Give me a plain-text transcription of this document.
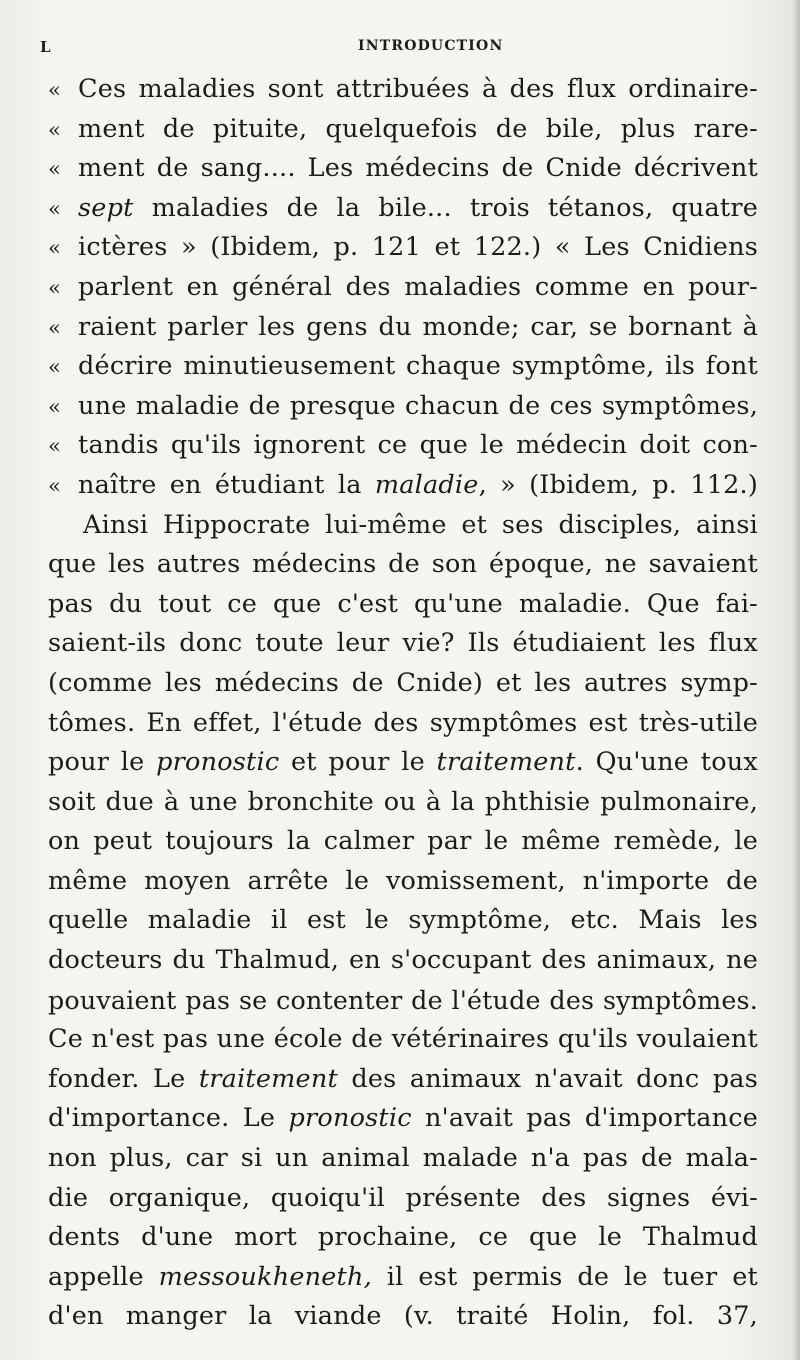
L	INTRODUCTION
« Ces maladies sont attribuées à des flux ordinaire-
« ment de pituite, quelquefois de bile, plus rare-
« ment de sang.... Les médecins de Cnide décrivent
« sept maladies de la bile... trois tétanos, quatre
« ictères » (Ibidem, p. 121 et 122.) « Les Cnidiens
« parlent en général des maladies comme en pour-
« raient parler les gens du monde; car, se bornant à
« décrire minutieusement chaque symptôme, ils font
« une maladie de presque chacun de ces symptômes,
« tandis qu'ils ignorent ce que le médecin doit con-
« naître en étudiant la maladie, » (Ibidem, p. 112.)
Ainsi Hippocrate lui-même et ses disciples, ainsi
que les autres médecins de son époque, ne savaient
pas du tout ce que c'est qu'une maladie. Que fai-
saient-ils donc toute leur vie? Ils étudiaient les flux
(comme les médecins de Cnide) et les autres symp-
tômes. En effet, l'étude des symptômes est très-utile
pour le pronostic et pour le traitement. Qu'une toux
soit due à une bronchite ou à la phthisie pulmonaire,
on peut toujours la calmer par le même remède, le
même moyen arrête le vomissement, n'importe de
quelle maladie il est le symptôme, etc. Mais les
docteurs du Thalmud, en s'occupant des animaux, ne
pouvaient pas se contenter de l'étude des symptômes.
Ce n'est pas une école de vétérinaires qu'ils voulaient
fonder. Le traitement des animaux n'avait donc pas
d'importance. Le pronostic n'avait pas d'importance
non plus, car si un animal malade n'a pas de mala-
die organique, quoiqu'il présente des signes évi-
dents d'une mort prochaine, ce que le Thalmud
appelle messoukheneth, il est permis de le tuer et
d'en manger la viande (v. traité Holin, fol. 37,
